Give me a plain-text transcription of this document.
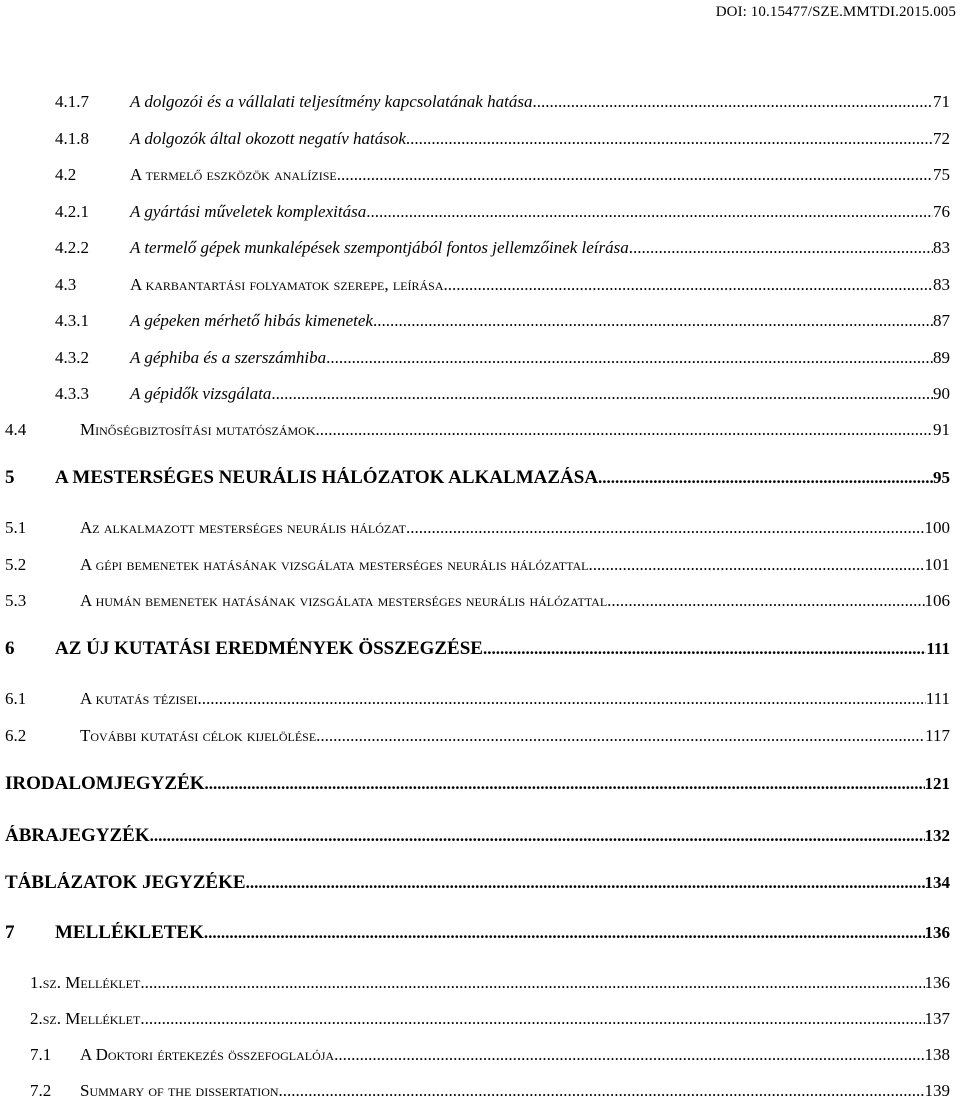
DOI: 10.15477/SZE.MMTDI.2015.005
4.1.7	A dolgozói és a vállalati teljesítmény kapcsolatának hatása .....	71
4.1.8	A dolgozók által okozott negatív hatások .....	72
4.2	A termelő eszközök analízise .....	75
4.2.1	A gyártási műveletek komplexitása .....	76
4.2.2	A termelő gépek munkalépések szempontjából fontos jellemzőinek leírása .....	83
4.3	A karbantartási folyamatok szerepe, leírása .....	83
4.3.1	A gépeken mérhető hibás kimenetek .....	87
4.3.2	A géphiba és a szerszámhiba .....	89
4.3.3	A gépidők vizsgálata .....	90
4.4	Minőségbiztosítási mutatószámok .....	91
5	A MESTERSÉGES NEURÁLIS HÁLÓZATOK ALKALMAZÁSA .....	95
5.1	Az alkalmazott mesterséges neurális hálózat .....	100
5.2	A gépi bemenetek hatásának vizsgálata mesterséges neurális hálózattal .....	101
5.3	A humán bemenetek hatásának vizsgálata mesterséges neurális hálózattal .....	106
6	AZ ÚJ KUTATÁSI EREDMÉNYEK ÖSSZEGZÉSE .....	111
6.1	A kutatás tézisei .....	111
6.2	További kutatási célok kijelölése .....	117
IRODALOMJEGYZÉK .....	121
ÁBRAJEGYZÉK .....	132
TÁBLÁZATOK JEGYZÉKE .....	134
7	MELLÉKLETEK .....	136
1.sz. Melléklet .....	136
2.sz. Melléklet .....	137
7.1	A Doktori értekezés összefoglalója .....	138
7.2	Summary of the dissertation .....	139
